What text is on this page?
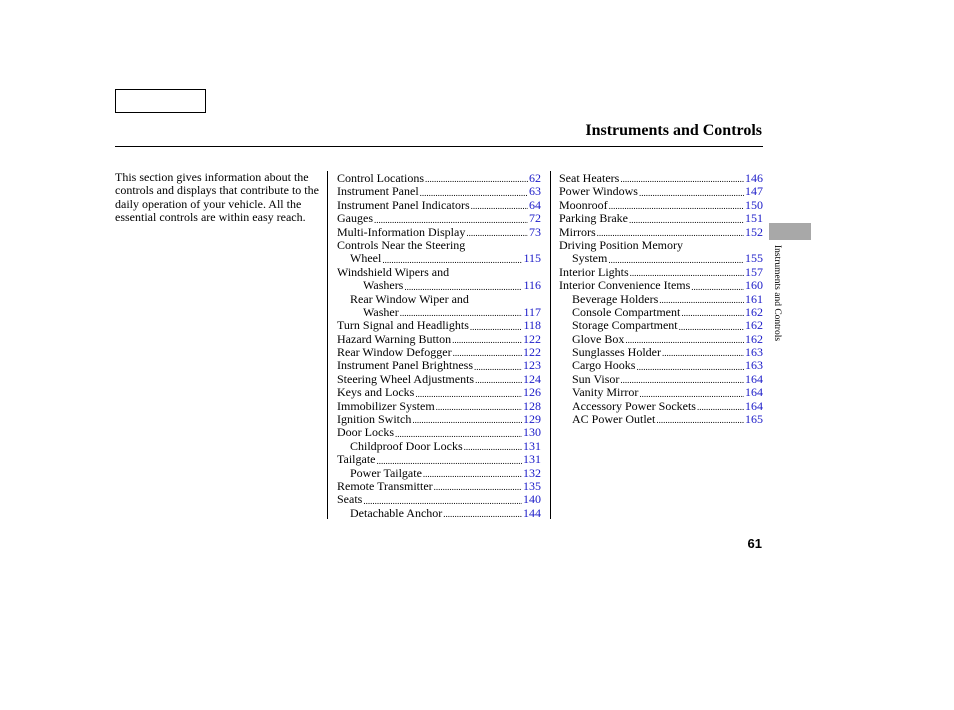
Instruments and Controls
This section gives information about the controls and displays that contribute to the daily operation of your vehicle. All the essential controls are within easy reach.
Control Locations .....	62
Instrument Panel .....	63
Instrument Panel Indicators .....	64
Gauges .....	72
Multi-Information Display .....	73
Controls Near the Steering
Wheel .....	115
Windshield Wipers and
Washers .....	116
Rear Window Wiper and
Washer .....	117
Turn Signal and Headlights .....	118
Hazard Warning Button .....	122
Rear Window Defogger .....	122
Instrument Panel Brightness .....	123
Steering Wheel Adjustments .....	124
Keys and Locks .....	126
Immobilizer System .....	128
Ignition Switch .....	129
Door Locks .....	130
Childproof Door Locks .....	131
Tailgate .....	131
Power Tailgate .....	132
Remote Transmitter .....	135
Seats .....	140
Detachable Anchor .....	144
Seat Heaters .....	146
Power Windows .....	147
Moonroof .....	150
Parking Brake .....	151
Mirrors .....	152
Driving Position Memory
System .....	155
Interior Lights .....	157
Interior Convenience Items .....	160
Beverage Holders .....	161
Console Compartment .....	162
Storage Compartment .....	162
Glove Box .....	162
Sunglasses Holder .....	163
Cargo Hooks .....	163
Sun Visor .....	164
Vanity Mirror .....	164
Accessory Power Sockets .....	164
AC Power Outlet .....	165
Instruments and Controls
61
